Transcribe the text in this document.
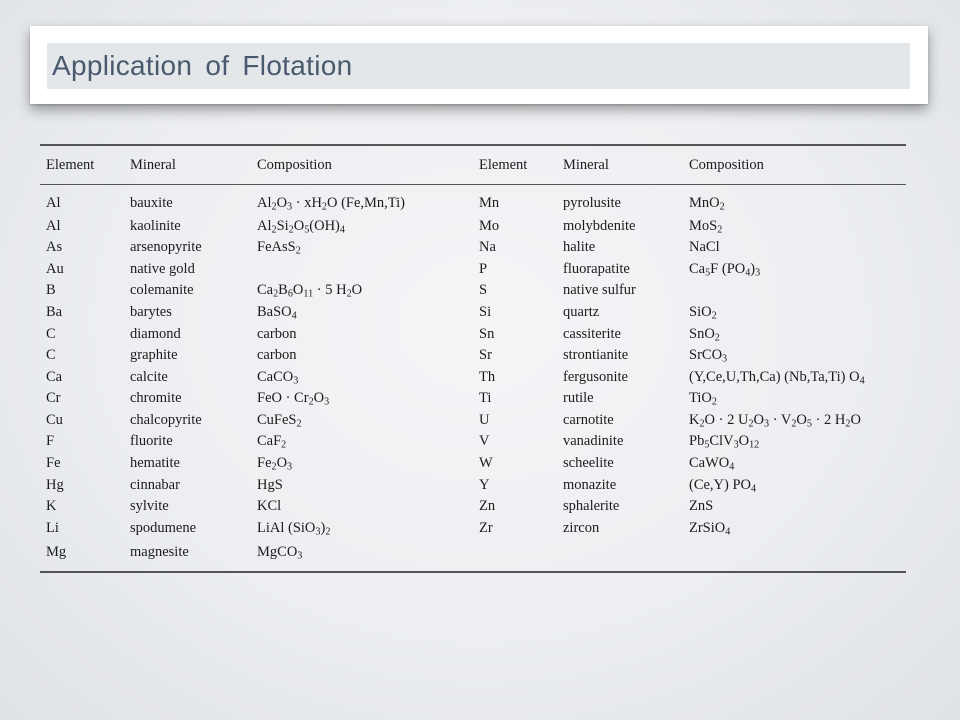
Application of Flotation
Element	Mineral	Composition	Element	Mineral	Composition
Al	bauxite	$Al_2O_3 \cdot xH_2O$ (Fe,Mn,Ti)	Mn	pyrolusite	MnO$_2$
Al	kaolinite	$Al_2Si_2O_5(OH)_4$	Mo	molybdenite	MoS$_2$
As	arsenopyrite	FeAsS$_2$	Na	halite	NaCl
Au	native gold		P	fluorapatite	$Ca_5F$ $(PO_4)_3$
B	colemanite	$Ca_2B_6O_{11} \cdot 5$ $H_2O$	S	native sulfur	
Ba	barytes	BaSO$_4$	Si	quartz	SiO$_2$
C	diamond	carbon	Sn	cassiterite	SnO$_2$
C	graphite	carbon	Sr	strontianite	SrCO$_3$
Ca	calcite	CaCO$_3$	Th	fergusonite	(Y,Ce,U,Th,Ca) (Nb,Ta,Ti) $O_4$
Cr	chromite	FeO · $Cr_2O_3$	Ti	rutile	TiO$_2$
Cu	chalcopyrite	CuFeS$_2$	U	carnotite	$K_2O \cdot 2$ $U_2O_3 \cdot V_2O_5 \cdot 2$ $H_2O$
F	fluorite	CaF$_2$	V	vanadinite	$Pb_5ClV_3O_{12}$
Fe	hematite	$Fe_2O_3$	W	scheelite	CaWO$_4$
Hg	cinnabar	HgS	Y	monazite	(Ce,Y) $PO_4$
K	sylvite	KCl	Zn	sphalerite	ZnS
Li	spodumene	LiAl $(SiO_3)_2$	Zr	zircon	ZrSiO$_4$
Mg	magnesite	MgCO$_3$			
